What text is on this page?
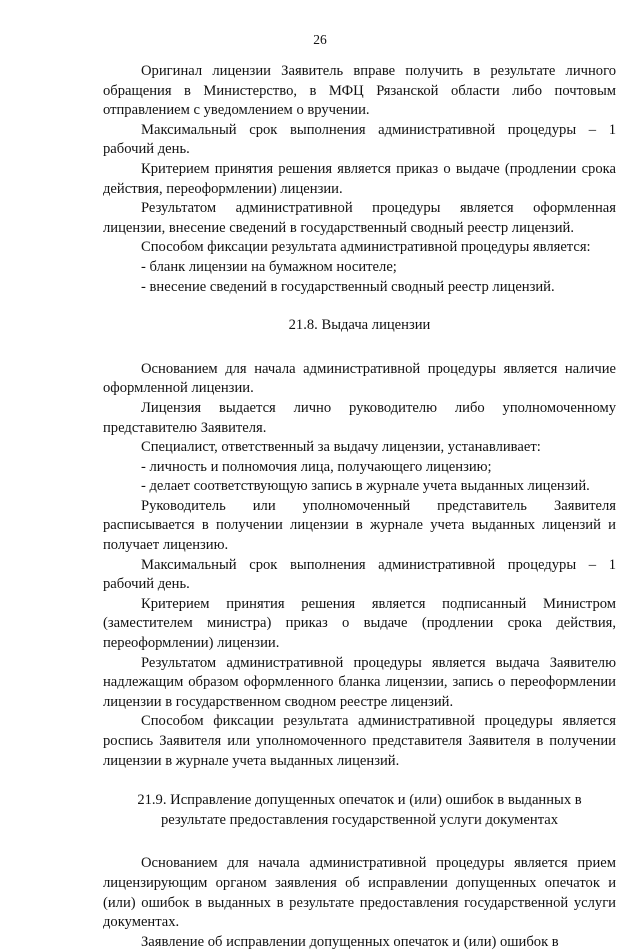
26

Оригинал лицензии Заявитель вправе получить в результате личного обращения в Министерство, в МФЦ Рязанской области либо почтовым отправлением с уведомлением о вручении.

Максимальный срок выполнения административной процедуры – 1 рабочий день.

Критерием принятия решения является приказ о выдаче (продлении срока действия, переоформлении) лицензии.

Результатом административной процедуры является оформленная лицензии, внесение сведений в государственный сводный реестр лицензий.

Способом фиксации результата административной процедуры является:

- бланк лицензии на бумажном носителе;

- внесение сведений в государственный сводный реестр лицензий.

21.8. Выдача лицензии

Основанием для начала административной процедуры является наличие оформленной лицензии.

Лицензия выдается лично руководителю либо уполномоченному представителю Заявителя.

Специалист, ответственный за выдачу лицензии, устанавливает:

- личность и полномочия лица, получающего лицензию;

- делает соответствующую запись в журнале учета выданных лицензий.

Руководитель или уполномоченный представитель Заявителя расписывается в получении лицензии в журнале учета выданных лицензий и получает лицензию.

Максимальный срок выполнения административной процедуры – 1 рабочий день.

Критерием принятия решения является подписанный Министром (заместителем министра) приказ о выдаче (продлении срока действия, переоформлении) лицензии.

Результатом административной процедуры является выдача Заявителю надлежащим образом оформленного бланка лицензии, запись о переоформлении лицензии в государственном сводном реестре лицензий.

Способом фиксации результата административной процедуры является роспись Заявителя или уполномоченного представителя Заявителя в получении лицензии в журнале учета выданных лицензий.

21.9. Исправление допущенных опечаток и (или) ошибок в выданных в
результате предоставления государственной услуги документах

Основанием для начала административной процедуры является прием лицензирующим органом заявления об исправлении допущенных опечаток и (или) ошибок в выданных в результате предоставления государственной услуги документах.

Заявление об исправлении допущенных опечаток и (или) ошибок в
